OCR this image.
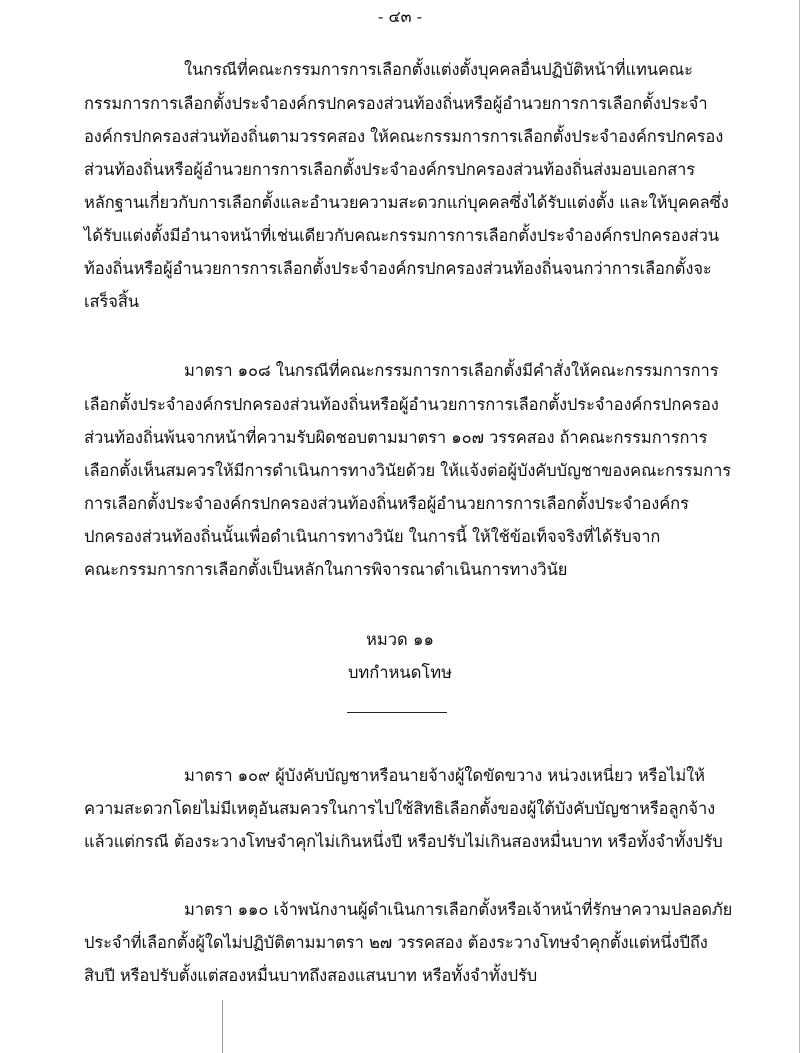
- ๔๓ -
ในกรณีที่คณะกรรมการการเลือกตั้งแต่งตั้งบุคคลอื่นปฏิบัติหน้าที่แทนคณะ
กรรมการการเลือกตั้งประจำองค์กรปกครองส่วนท้องถิ่นหรือผู้อำนวยการการเลือกตั้งประจำ
องค์กรปกครองส่วนท้องถิ่นตามวรรคสอง ให้คณะกรรมการการเลือกตั้งประจำองค์กรปกครอง
ส่วนท้องถิ่นหรือผู้อำนวยการการเลือกตั้งประจำองค์กรปกครองส่วนท้องถิ่นส่งมอบเอกสาร
หลักฐานเกี่ยวกับการเลือกตั้งและอำนวยความสะดวกแก่บุคคลซึ่งได้รับแต่งตั้ง และให้บุคคลซึ่ง
ได้รับแต่งตั้งมีอำนาจหน้าที่เช่นเดียวกับคณะกรรมการการเลือกตั้งประจำองค์กรปกครองส่วน
ท้องถิ่นหรือผู้อำนวยการการเลือกตั้งประจำองค์กรปกครองส่วนท้องถิ่นจนกว่าการเลือกตั้งจะ
เสร็จสิ้น
มาตรา ๑๐๘ ในกรณีที่คณะกรรมการการเลือกตั้งมีคำสั่งให้คณะกรรมการการ
เลือกตั้งประจำองค์กรปกครองส่วนท้องถิ่นหรือผู้อำนวยการการเลือกตั้งประจำองค์กรปกครอง
ส่วนท้องถิ่นพ้นจากหน้าที่ความรับผิดชอบตามมาตรา ๑๐๗ วรรคสอง ถ้าคณะกรรมการการ
เลือกตั้งเห็นสมควรให้มีการดำเนินการทางวินัยด้วย ให้แจ้งต่อผู้บังคับบัญชาของคณะกรรมการ
การเลือกตั้งประจำองค์กรปกครองส่วนท้องถิ่นหรือผู้อำนวยการการเลือกตั้งประจำองค์กร
ปกครองส่วนท้องถิ่นนั้นเพื่อดำเนินการทางวินัย ในการนี้ ให้ใช้ข้อเท็จจริงที่ได้รับจาก
คณะกรรมการการเลือกตั้งเป็นหลักในการพิจารณาดำเนินการทางวินัย
หมวด ๑๑
บทกำหนดโทษ
มาตรา ๑๐๙ ผู้บังคับบัญชาหรือนายจ้างผู้ใดขัดขวาง หน่วงเหนี่ยว หรือไม่ให้
ความสะดวกโดยไม่มีเหตุอันสมควรในการไปใช้สิทธิเลือกตั้งของผู้ใต้บังคับบัญชาหรือลูกจ้าง
แล้วแต่กรณี ต้องระวางโทษจำคุกไม่เกินหนึ่งปี หรือปรับไม่เกินสองหมื่นบาท หรือทั้งจำทั้งปรับ
มาตรา ๑๑๐ เจ้าพนักงานผู้ดำเนินการเลือกตั้งหรือเจ้าหน้าที่รักษาความปลอดภัย
ประจำที่เลือกตั้งผู้ใดไม่ปฏิบัติตามมาตรา ๒๗ วรรคสอง ต้องระวางโทษจำคุกตั้งแต่หนึ่งปีถึง
สิบปี หรือปรับตั้งแต่สองหมื่นบาทถึงสองแสนบาท หรือทั้งจำทั้งปรับ
